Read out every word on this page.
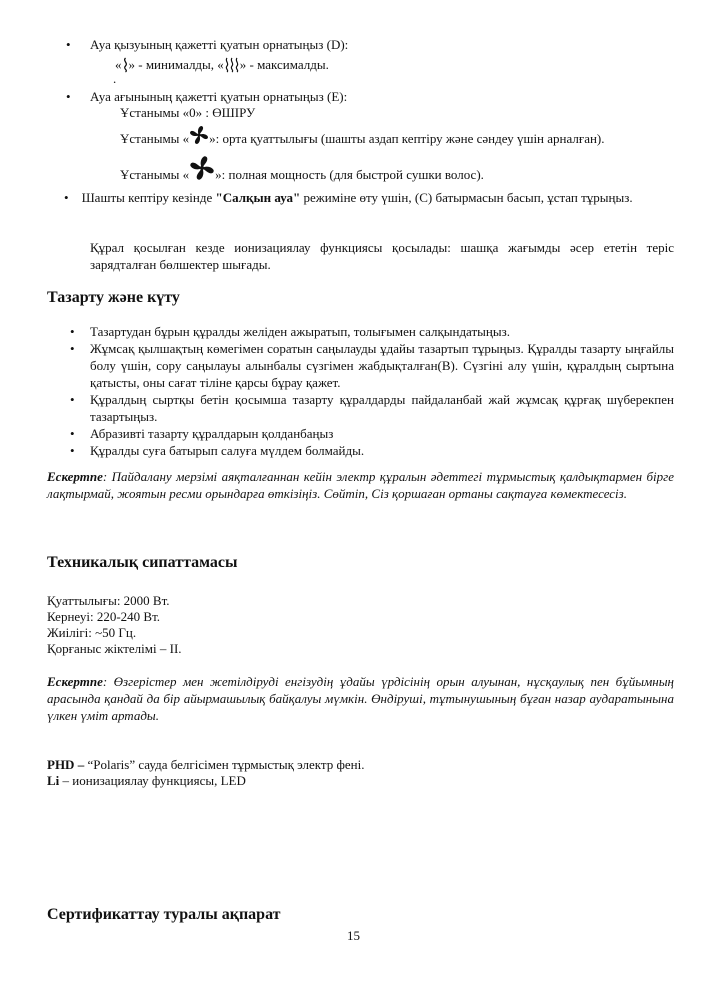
• Ауа қызуының қажетті қуатын орнатыңыз (D):
« » - минималды, « » - максималды.
.
• Ауа ағынының қажетті қуатын орнатыңыз (E):
Ұстанымы «0» : ӨШІРУ
Ұстанымы « »: орта қуаттылығы (шашты аздап кептіру және сәндеу үшін арналған).
Ұстанымы « »: полная мощность (для быстрой сушки волос).
• Шашты кептіру кезінде "Салқын ауа" режиміне өту үшін, (С) батырмасын басып, ұстап тұрыңыз.
Құрал қосылған кезде ионизациялау функциясы қосылады: шашқа жағымды әсер ететін теріс зарядталған бөлшектер шығады.
Тазарту және күту
• Тазартудан бұрын құралды желіден ажыратып, толығымен салқындатыңыз.
• Жұмсақ қылшақтың көмегімен соратын саңылауды ұдайы тазартып тұрыңыз. Құралды тазарту ыңғайлы болу үшін, сору саңылауы алынбалы сүзгімен жабдықталған(В). Сүзгіні алу үшін, құралдың сыртына қатысты, оны сағат тіліне қарсы бұрау қажет.
• Құралдың сыртқы бетін қосымша тазарту құралдарды пайдаланбай жай жұмсақ құрғақ шүберекпен тазартыңыз.
• Абразивті тазарту құралдарын қолданбаңыз
• Құралды суға батырып салуға мүлдем болмайды.
Ескертпе: Пайдалану мерзімі аяқталғаннан кейін электр құралын әдеттегі тұрмыстық қалдықтармен бірге лақтырмай, жоятын ресми орындарға өткізіңіз. Сөйтіп, Сіз қоршаған ортаны сақтауға көмектесесіз.
Техникалық сипаттамасы
Қуаттылығы: 2000 Вт.
Кернеуі: 220-240 Вт.
Жиілігі: ~50 Гц.
Қорғаныс жіктелімі – II.
Ескертпе: Өзгерістер мен жетілдіруді енгізудің ұдайы үрдісінің орын алуынан, нұсқаулық пен бұйымның арасында қандай да бір айырмашылық байқалуы мүмкін. Өндіруші, тұтынушының бұған назар аударатынына үлкен үміт артады.
PHD – “Polaris” сауда белгісімен тұрмыстық электр фені.
Li – ионизациялау функциясы, LED
Сертификаттау туралы ақпарат
15
